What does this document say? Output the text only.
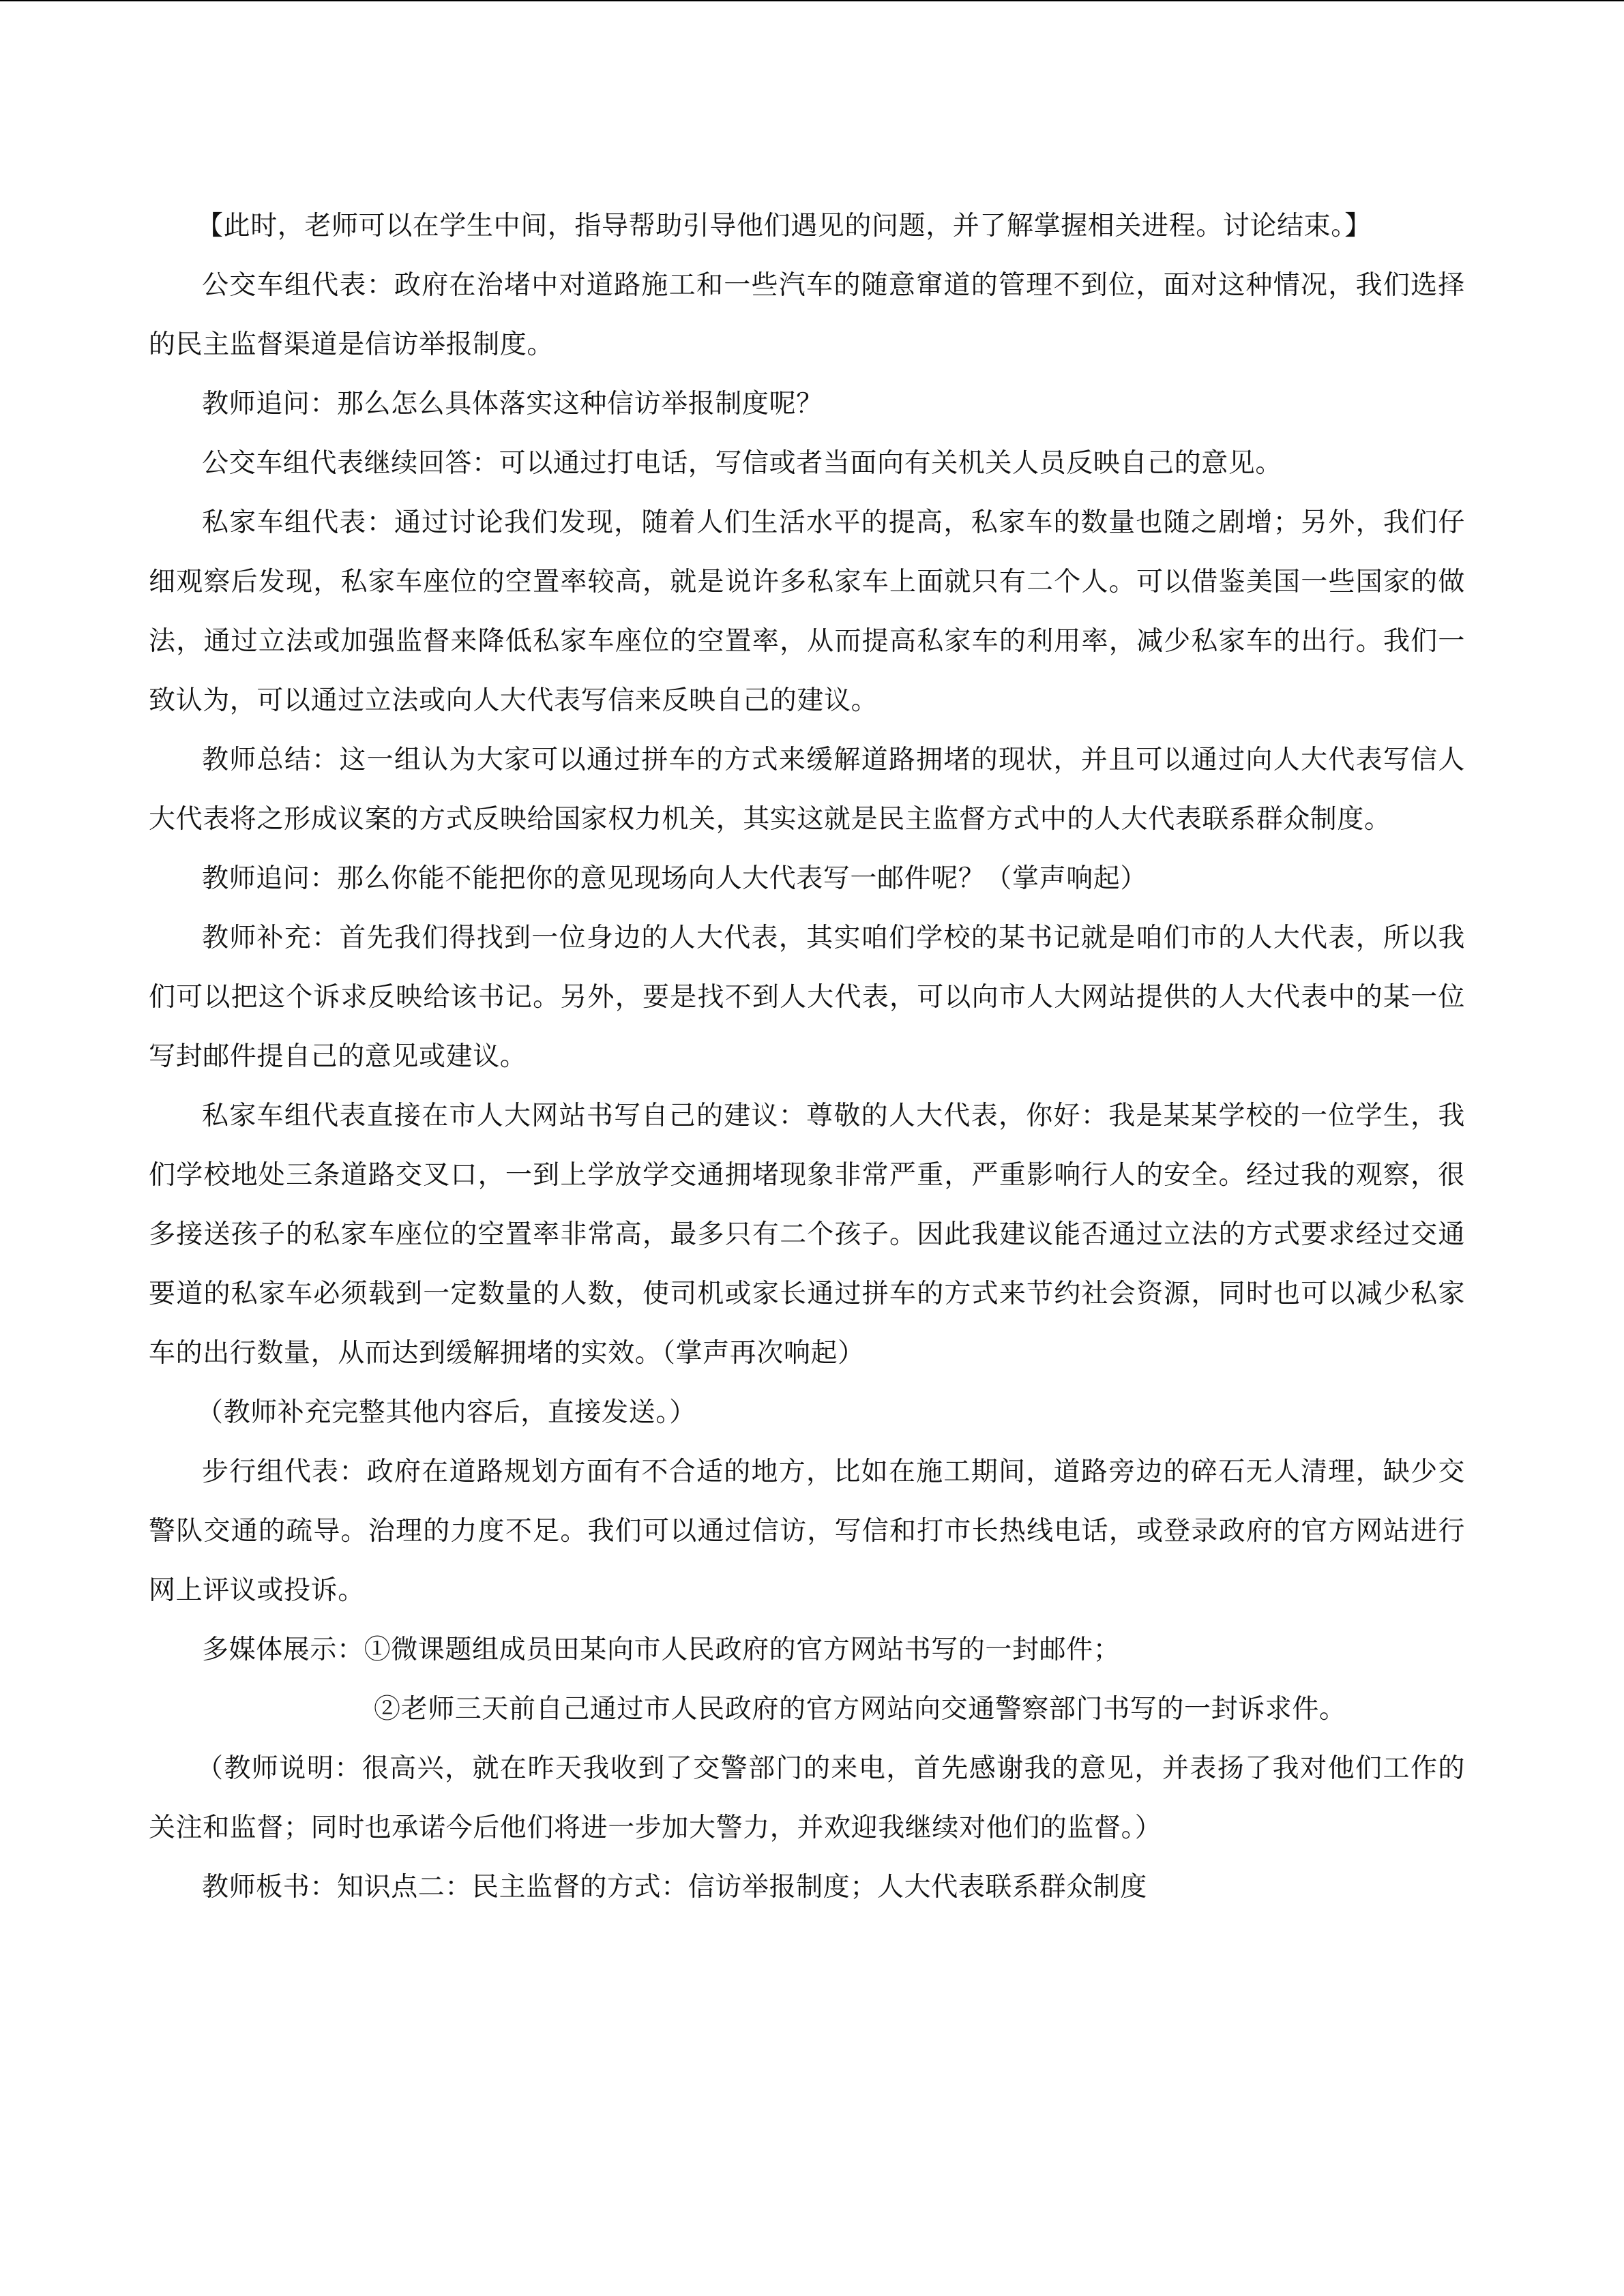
【此时，老师可以在学生中间，指导帮助引导他们遇见的问题，并了解掌握相关进程。讨论结束。】

公交车组代表：政府在治堵中对道路施工和一些汽车的随意窜道的管理不到位，面对这种情况，我们选择的民主监督渠道是信访举报制度。

教师追问：那么怎么具体落实这种信访举报制度呢？

公交车组代表继续回答：可以通过打电话，写信或者当面向有关机关人员反映自己的意见。

私家车组代表：通过讨论我们发现，随着人们生活水平的提高，私家车的数量也随之剧增；另外，我们仔细观察后发现，私家车座位的空置率较高，就是说许多私家车上面就只有二个人。可以借鉴美国一些国家的做法，通过立法或加强监督来降低私家车座位的空置率，从而提高私家车的利用率，减少私家车的出行。我们一致认为，可以通过立法或向人大代表写信来反映自己的建议。

教师总结：这一组认为大家可以通过拼车的方式来缓解道路拥堵的现状，并且可以通过向人大代表写信人大代表将之形成议案的方式反映给国家权力机关，其实这就是民主监督方式中的人大代表联系群众制度。

教师追问：那么你能不能把你的意见现场向人大代表写一邮件呢？（掌声响起）

教师补充：首先我们得找到一位身边的人大代表，其实咱们学校的某书记就是咱们市的人大代表，所以我们可以把这个诉求反映给该书记。另外，要是找不到人大代表，可以向市人大网站提供的人大代表中的某一位写封邮件提自己的意见或建议。

私家车组代表直接在市人大网站书写自己的建议：尊敬的人大代表，你好：我是某某学校的一位学生，我们学校地处三条道路交叉口，一到上学放学交通拥堵现象非常严重，严重影响行人的安全。经过我的观察，很多接送孩子的私家车座位的空置率非常高，最多只有二个孩子。因此我建议能否通过立法的方式要求经过交通要道的私家车必须载到一定数量的人数，使司机或家长通过拼车的方式来节约社会资源，同时也可以减少私家车的出行数量，从而达到缓解拥堵的实效。（掌声再次响起）

（教师补充完整其他内容后，直接发送。）

步行组代表：政府在道路规划方面有不合适的地方，比如在施工期间，道路旁边的碎石无人清理，缺少交警队交通的疏导。治理的力度不足。我们可以通过信访，写信和打市长热线电话，或登录政府的官方网站进行网上评议或投诉。

多媒体展示：①微课题组成员田某向市人民政府的官方网站书写的一封邮件；

②老师三天前自己通过市人民政府的官方网站向交通警察部门书写的一封诉求件。

（教师说明：很高兴，就在昨天我收到了交警部门的来电，首先感谢我的意见，并表扬了我对他们工作的关注和监督；同时也承诺今后他们将进一步加大警力，并欢迎我继续对他们的监督。）

教师板书：知识点二：民主监督的方式：信访举报制度；人大代表联系群众制度
